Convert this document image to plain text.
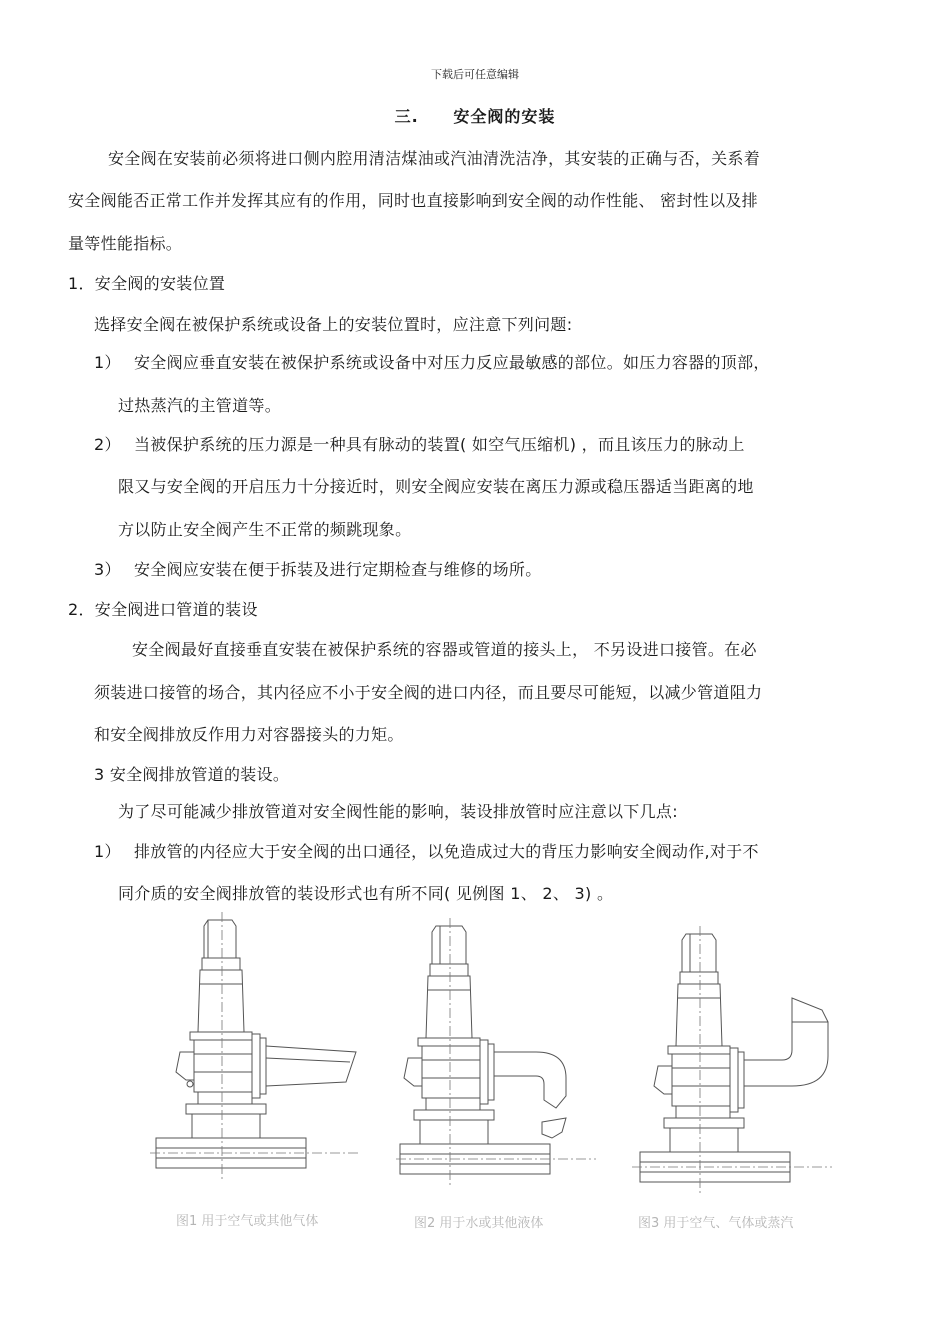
下载后可任意编辑
三. 安全阀的安装
安全阀在安装前必须将进口侧内腔用清洁煤油或汽油清洗洁净，其安装的正确与否，关系着
安全阀能否正常工作并发挥其应有的作用，同时也直接影响到安全阀的动作性能、 密封性以及排
量等性能指标。
1．安全阀的安装位置
选择安全阀在被保护系统或设备上的安装位置时，应注意下列问题:
1） 安全阀应垂直安装在被保护系统或设备中对压力反应最敏感的部位。如压力容器的顶部，
过热蒸汽的主管道等。
2） 当被保护系统的压力源是一种具有脉动的装置( 如空气压缩机) ，而且该压力的脉动上
限又与安全阀的开启压力十分接近时，则安全阀应安装在离压力源或稳压器适当距离的地
方以防止安全阀产生不正常的频跳现象。
3） 安全阀应安装在便于拆装及进行定期检查与维修的场所。
2．安全阀进口管道的装设
安全阀最好直接垂直安装在被保护系统的容器或管道的接头上， 不另设进口接管。在必
须装进口接管的场合，其内径应不小于安全阀的进口内径，而且要尽可能短，以减少管道阻力
和安全阀排放反作用力对容器接头的力矩。
3 安全阀排放管道的装设。
为了尽可能减少排放管道对安全阀性能的影响，装设排放管时应注意以下几点:
1） 排放管的内径应大于安全阀的出口通径，以免造成过大的背压力影响安全阀动作,对于不
同介质的安全阀排放管的装设形式也有所不同( 见例图 1、 2、 3) 。
图1 用于空气或其他气体	图2 用于水或其他液体	图3 用于空气、气体或蒸汽
